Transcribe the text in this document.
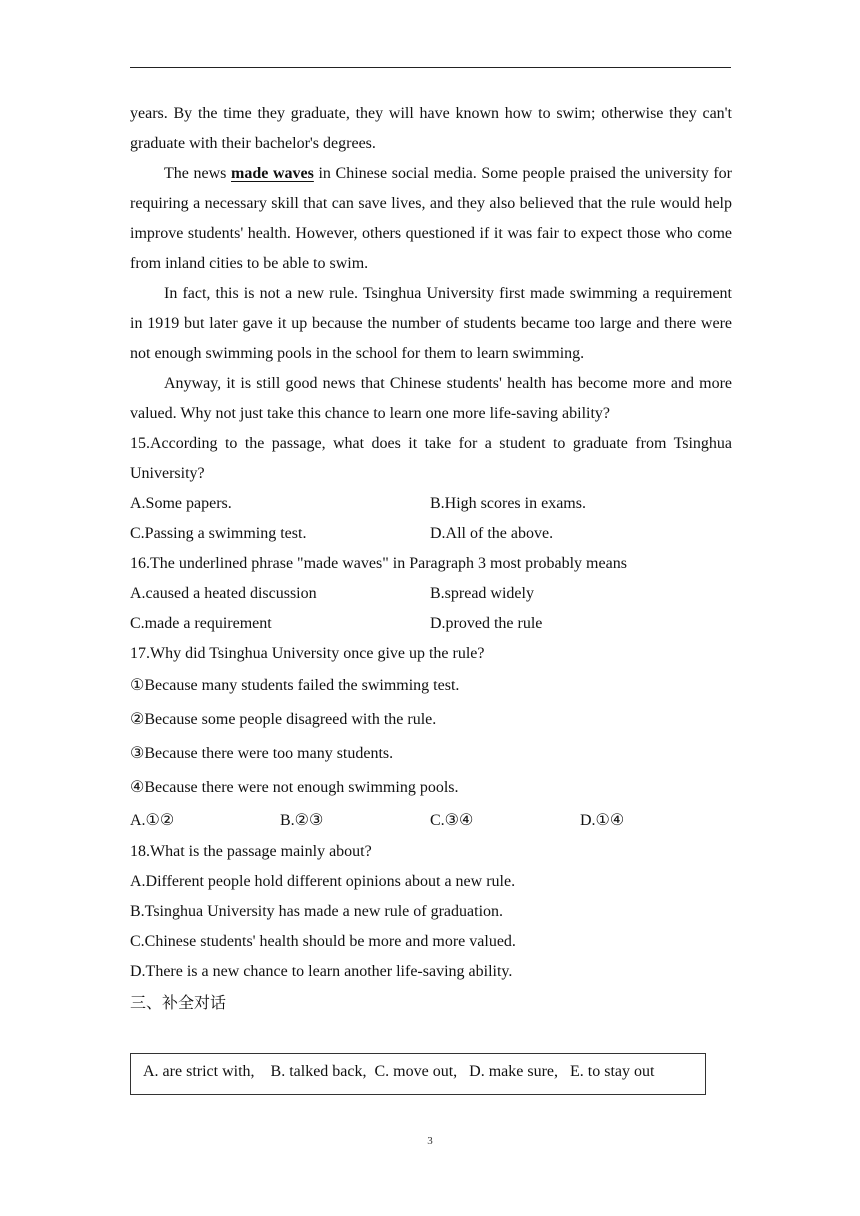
years. By the time they graduate, they will have known how to swim; otherwise they can't graduate with their bachelor's degrees.

The news made waves in Chinese social media. Some people praised the university for requiring a necessary skill that can save lives, and they also believed that the rule would help improve students' health. However, others questioned if it was fair to expect those who come from inland cities to be able to swim.

In fact, this is not a new rule. Tsinghua University first made swimming a requirement in 1919 but later gave it up because the number of students became too large and there were not enough swimming pools in the school for them to learn swimming.

Anyway, it is still good news that Chinese students' health has become more and more valued. Why not just take this chance to learn one more life-saving ability?

15.According to the passage, what does it take for a student to graduate from Tsinghua University?

A.Some papers.	B.High scores in exams.
C.Passing a swimming test.	D.All of the above.
16.The underlined phrase "made waves" in Paragraph 3 most probably means
A.caused a heated discussion	B.spread widely
C.made a requirement	D.proved the rule
17.Why did Tsinghua University once give up the rule?
①Because many students failed the swimming test.
②Because some people disagreed with the rule.
③Because there were too many students.
④Because there were not enough swimming pools.
A.①②	B.②③	C.③④	D.①④
18.What is the passage mainly about?
A.Different people hold different opinions about a new rule.
B.Tsinghua University has made a new rule of graduation.
C.Chinese students' health should be more and more valued.
D.There is a new chance to learn another life-saving ability.
三、补全对话
A. are strict with,    B. talked back,  C. move out,   D. make sure,   E. to stay out
3
